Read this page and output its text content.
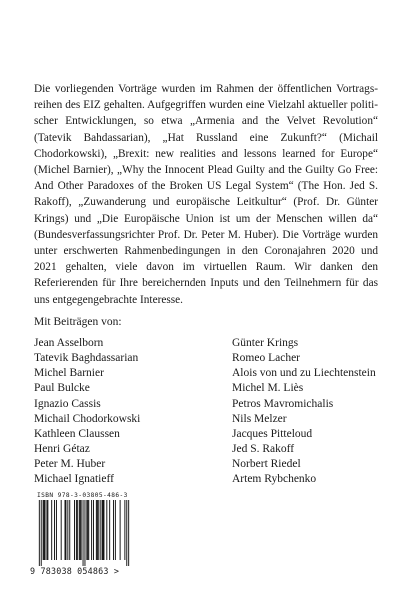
Die vorliegenden Vorträge wurden im Rahmen der öffentlichen Vortragsreihen des EIZ gehalten. Aufgegriffen wurden eine Vielzahl aktueller politischer Entwicklungen, so etwa „Armenia and the Velvet Revolution“ (Tatevik Bahdassarian), „Hat Russland eine Zukunft?“ (Michail Chodorkowski), „Brexit: new realities and lessons learned for Europe“ (Michel Barnier), „Why the Innocent Plead Guilty and the Guilty Go Free: And Other Paradoxes of the Broken US Legal System“ (The Hon. Jed S. Rakoff), „Zuwanderung und europäische Leitkultur“ (Prof. Dr. Günter Krings) und „Die Europäische Union ist um der Menschen willen da“ (Bundesverfassungsrichter Prof. Dr. Peter M. Huber). Die Vorträge wurden unter erschwerten Rahmenbedingungen in den Coronajahren 2020 und 2021 gehalten, viele davon im virtuellen Raum. Wir danken den Referierenden für Ihre bereichernden Inputs und den Teilnehmern für das uns entgegengebrachte Interesse.

Mit Beiträgen von:

Jean Asselborn
Tatevik Baghdassarian
Michel Barnier
Paul Bulcke
Ignazio Cassis
Michail Chodorkowski
Kathleen Claussen
Henri Gétaz
Peter M. Huber
Michael Ignatieff
Günter Krings
Romeo Lacher
Alois von und zu Liechtenstein
Michel M. Liès
Petros Mavromichalis
Nils Melzer
Jacques Pitteloud
Jed S. Rakoff
Norbert Riedel
Artem Rybchenko
ISBN 978-3-03805-486-3
9 783038 054863 >
